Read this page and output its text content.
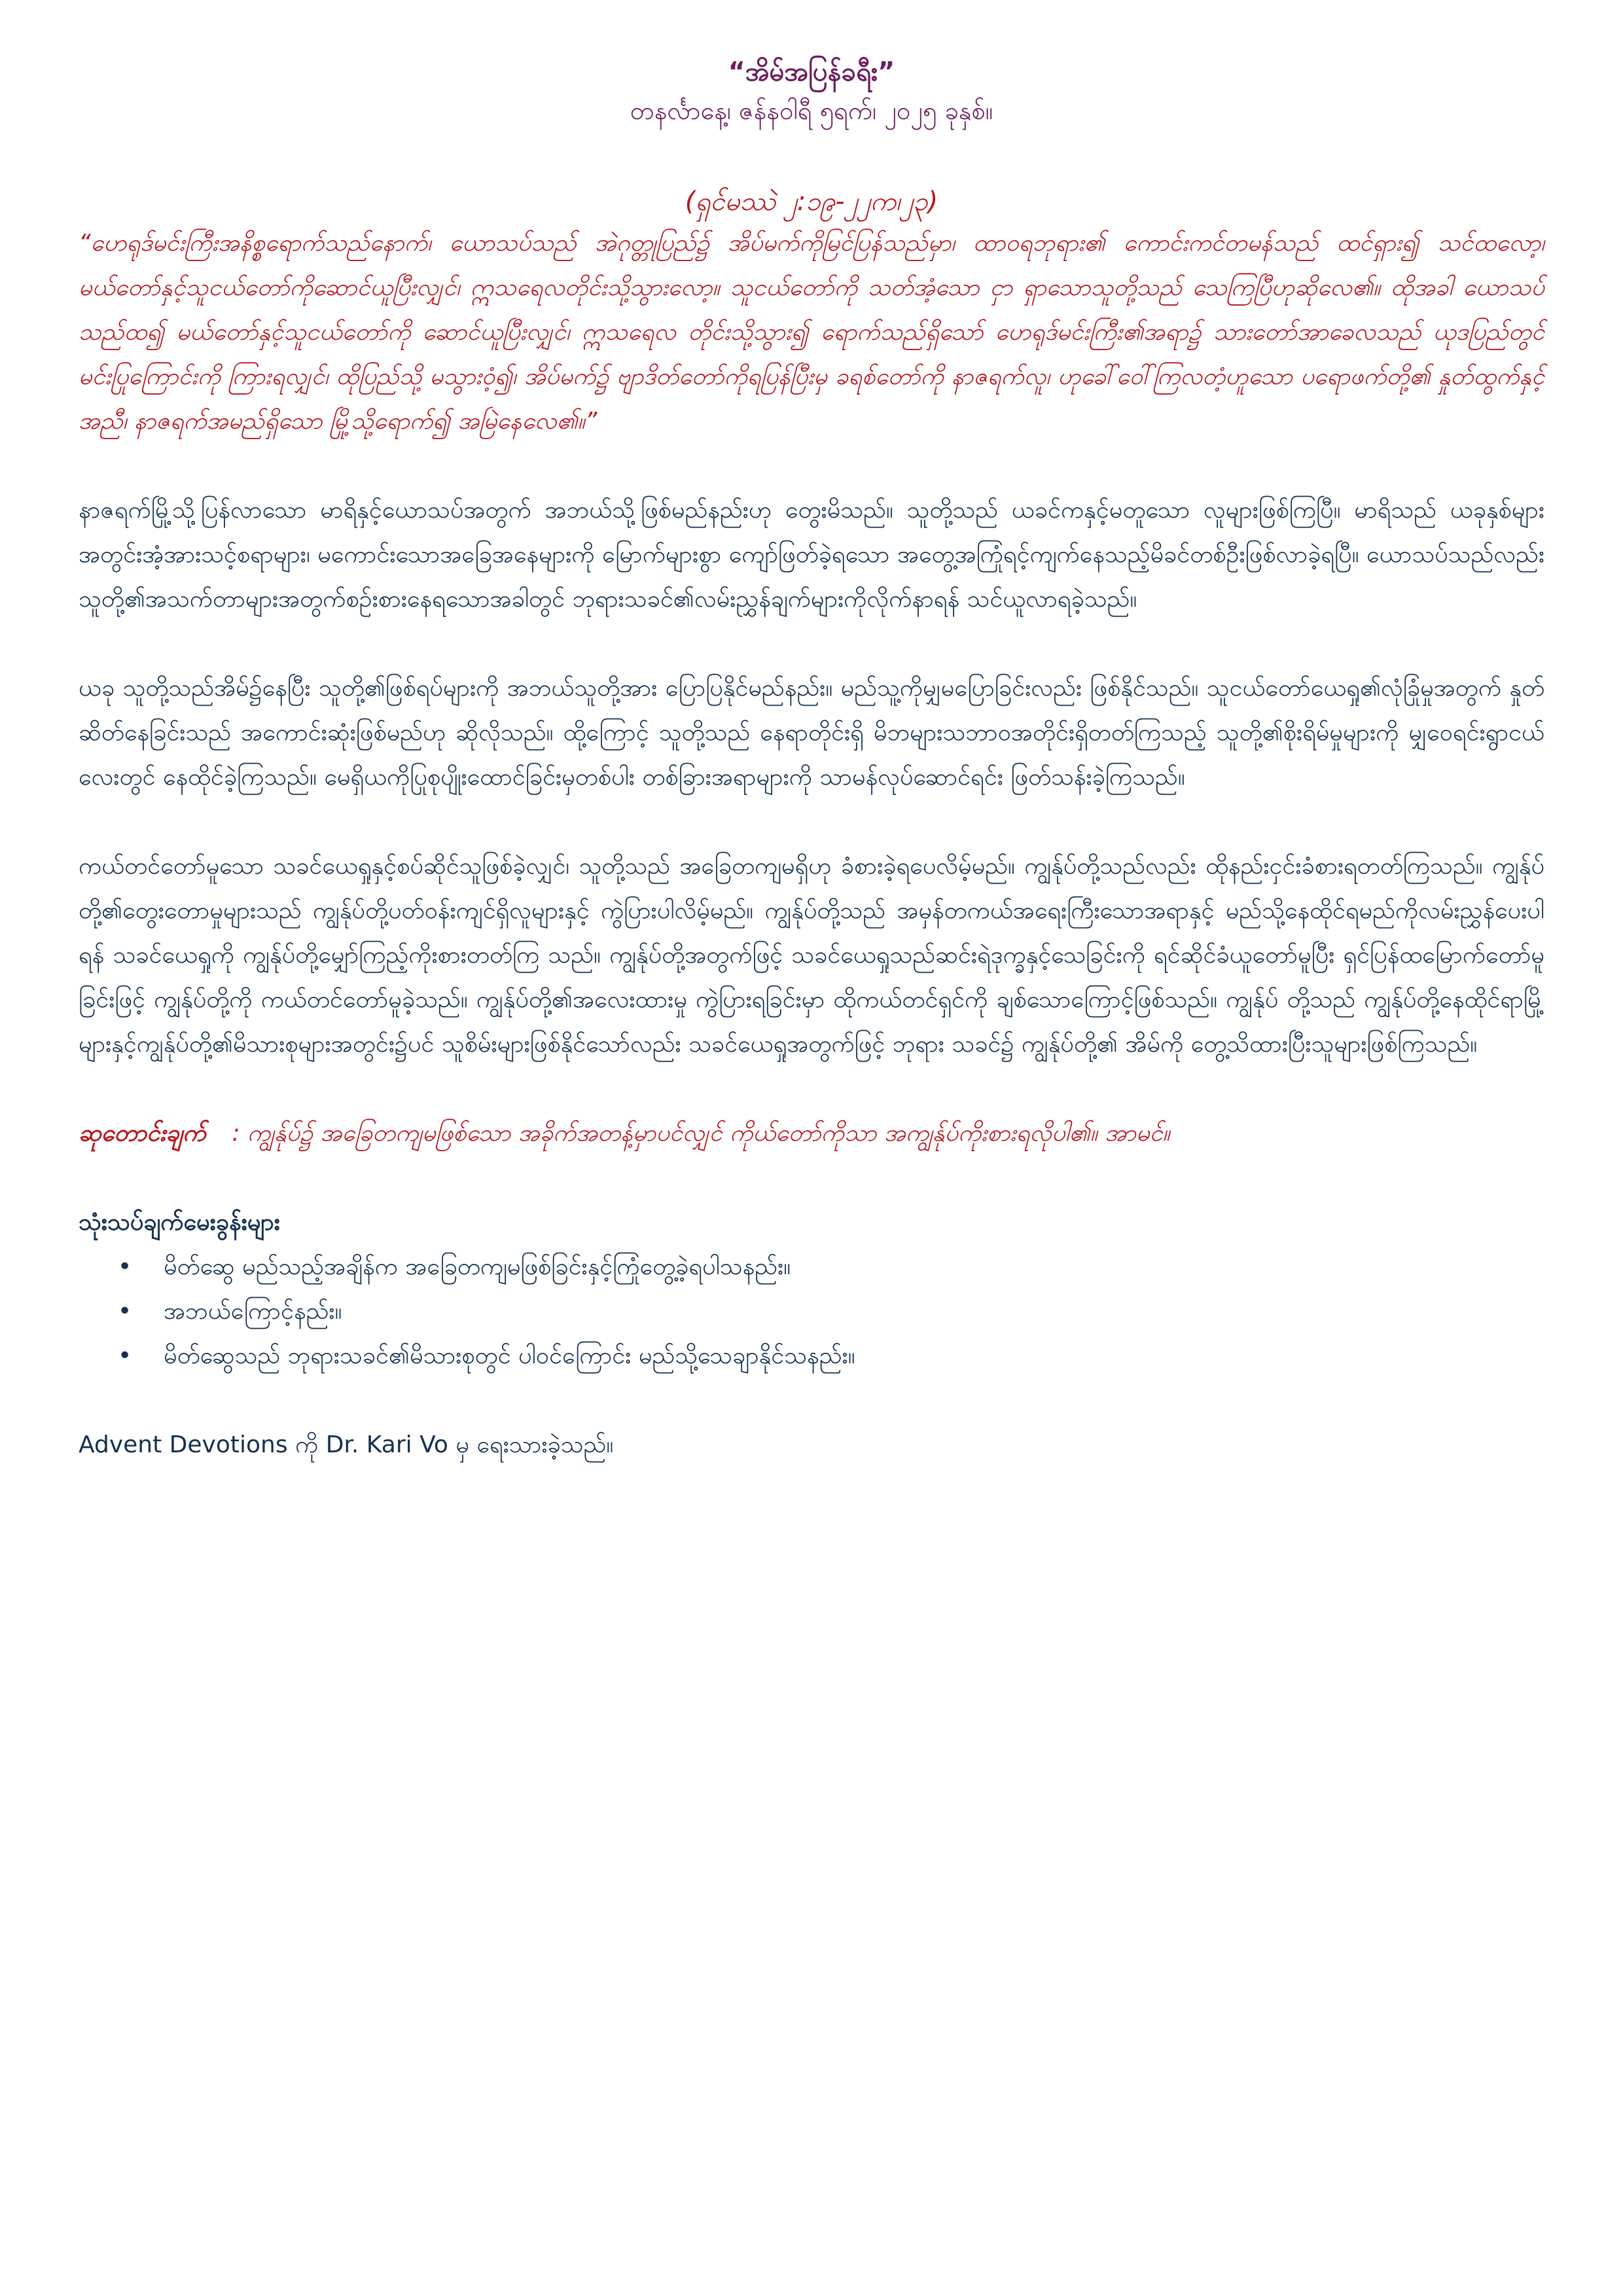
“အိမ်အပြန်ခရီး”

တနင်္လာနေ့၊ ဇန်နဝါရီ ၅ရက်၊ ၂၀၂၅ ခုနှစ်။

(ရှင်မဿဲ ၂:၁၉-၂၂က၊၂၃)

“ဟေရုဒ်မင်းကြီးအနိစ္စရောက်သည်နောက်၊ ယောသပ်သည် အဲဂုတ္တုပြည်၌ အိပ်မက်ကိုမြင်ပြန်သည်မှာ၊ ထာဝရဘုရား၏ ကောင်းကင်တမန်သည် ထင်ရှား၍ သင်ထလော့၊ မယ်တော်နှင့်သူငယ်တော်ကိုဆောင်ယူပြီးလျှင်၊ ဣသရေလတိုင်းသို့သွားလော့။ သူငယ်တော်ကို သတ်အံ့သော ငှာ ရှာသောသူတို့သည် သေကြပြီဟုဆိုလေ၏။ ထိုအခါ ယောသပ်သည်ထ၍ မယ်တော်နှင့်သူငယ်တော်ကို ဆောင်ယူပြီးလျှင်၊ ဣသရေလ တိုင်းသို့သွား၍ ရောက်သည်ရှိသော် ဟေရုဒ်မင်းကြီး၏အရာ၌ သားတော်အာခေလသည် ယုဒပြည်တွင် မင်းပြုကြောင်းကို ကြားရလျှင်၊ ထိုပြည်သို့ မသွားဝံ့၍၊ အိပ်မက်၌ ဗျာဒိတ်တော်ကိုရပြန်ပြီးမှ ခရစ်တော်ကို နာဇရက်လူ၊ ဟုခေါ်ဝေါ်ကြလတံ့ဟူသော ပရောဖက်တို့၏ နှုတ်ထွက်နှင့်အညီ၊ နာဇရက်အမည်ရှိသော မြို့သို့ရောက်၍ အမြဲနေလေ၏။”

နာဇရက်မြို့သို့ပြန်လာသော မာရိနှင့်ယောသပ်အတွက် အဘယ်သို့ဖြစ်မည်နည်းဟု တွေးမိသည်။ သူတို့သည် ယခင်ကနှင့်မတူသော လူများဖြစ်ကြပြီ။ မာရိသည် ယခုနှစ်များအတွင်းအံ့အားသင့်စရာများ၊ မကောင်းသောအခြေအနေများကို မြောက်များစွာ ကျော်ဖြတ်ခဲ့ရသော အတွေ့အကြုံရင့်ကျက်နေသည့်မိခင်တစ်ဦးဖြစ်လာခဲ့ရပြီ။ ယောသပ်သည်လည်းသူတို့၏အသက်တာများအတွက်စဉ်းစားနေရသောအခါတွင် ဘုရားသခင်၏လမ်းညွှန်ချက်များကိုလိုက်နာရန် သင်ယူလာရခဲ့သည်။

ယခု သူတို့သည်အိမ်၌နေပြီး သူတို့၏ဖြစ်ရပ်များကို အဘယ်သူတို့အား ပြောပြနိုင်မည်နည်း။ မည်သူ့ကိုမျှမပြောခြင်းလည်း ဖြစ်နိုင်သည်။ သူငယ်တော်ယေရှု၏လုံခြုံမှုအတွက် နှုတ်ဆိတ်နေခြင်းသည် အကောင်းဆုံးဖြစ်မည်ဟု ဆိုလိုသည်။ ထို့ကြောင့် သူတို့သည် နေရာတိုင်းရှိ မိဘများသဘာဝအတိုင်းရှိတတ်ကြသည့် သူတို့၏စိုးရိမ်မှုများကို မျှဝေရင်းရွာငယ်လေးတွင် နေထိုင်ခဲ့ကြသည်။ မေရှိယကိုပြုစုပျိုးထောင်ခြင်းမှတစ်ပါး တစ်ခြားအရာများကို သာမန်လုပ်ဆောင်ရင်း ဖြတ်သန်းခဲ့ကြသည်။

ကယ်တင်တော်မူသော သခင်ယေရှုနှင့်စပ်ဆိုင်သူဖြစ်ခဲ့လျှင်၊ သူတို့သည် အခြေတကျမရှိဟု ခံစားခဲ့ရပေလိမ့်မည်။ ကျွန်ုပ်တို့သည်လည်း ထိုနည်းငှင်းခံစားရတတ်ကြသည်။ ကျွန်ုပ်တို့၏တွေးတောမှုများသည် ကျွန်ုပ်တို့ပတ်ဝန်းကျင်ရှိလူများနှင့် ကွဲပြားပါလိမ့်မည်။ ကျွန်ုပ်တို့သည် အမှန်တကယ်အရေးကြီးသောအရာနှင့် မည်သို့နေထိုင်ရမည်ကိုလမ်းညွှန်ပေးပါရန် သခင်ယေရှုကို ကျွန်ုပ်တို့မျှော်ကြည့်ကိုးစားတတ်ကြ သည်။ ကျွန်ုပ်တို့အတွက်ဖြင့် သခင်ယေရှုသည်ဆင်းရဲဒုက္ခနှင့်သေခြင်းကို ရင်ဆိုင်ခံယူတော်မူပြီး ရှင်ပြန်ထမြောက်တော်မူခြင်းဖြင့် ကျွန်ုပ်တို့ကို ကယ်တင်တော်မူခဲ့သည်။ ကျွန်ုပ်တို့၏အလေးထားမှု ကွဲပြားရခြင်းမှာ ထိုကယ်တင်ရှင်ကို ချစ်သောကြောင့်ဖြစ်သည်။ ကျွန်ုပ် တို့သည် ကျွန်ုပ်တို့နေထိုင်ရာမြို့များနှင့်ကျွန်ုပ်တို့၏မိသားစုများအတွင်း၌ပင် သူစိမ်းများဖြစ်နိုင်သော်လည်း သခင်ယေရှုအတွက်ဖြင့် ဘုရား သခင်၌ ကျွန်ုပ်တို့၏ အိမ်ကို တွေ့သိထားပြီးသူများဖြစ်ကြသည်။

ဆုတောင်းချက် : ကျွန်ုပ်၌ အခြေတကျမဖြစ်သော အခိုက်အတန့်မှာပင်လျှင် ကိုယ်တော်ကိုသာ အကျွန်ုပ်ကိုးစားရလိုပါ၏။ အာမင်။

သုံးသပ်ချက်မေးခွန်းများ

• မိတ်ဆွေ မည်သည့်အချိန်က အခြေတကျမဖြစ်ခြင်းနှင့်ကြုံတွေ့ခဲ့ရပါသနည်း။
• အဘယ်ကြောင့်နည်း။
• မိတ်ဆွေသည် ဘုရားသခင်၏မိသားစုတွင် ပါဝင်ကြောင်း မည်သို့သေချာနိုင်သနည်း။

Advent Devotions ကို Dr. Kari Vo မှ ရေးသားခဲ့သည်။
